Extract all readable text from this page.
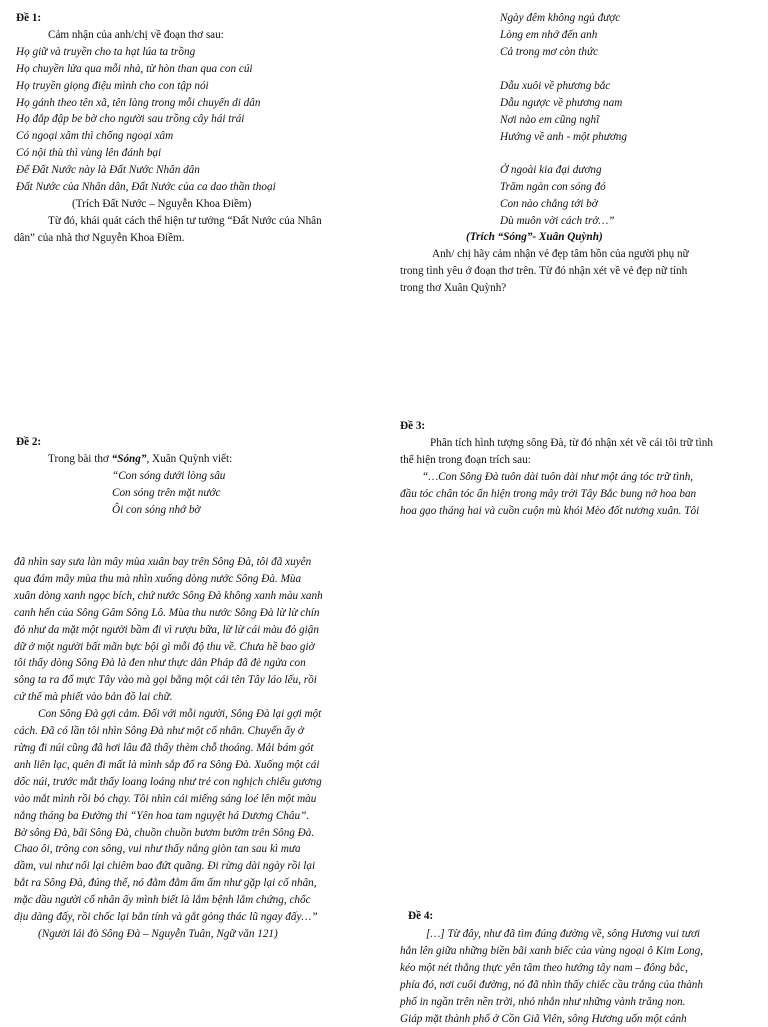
Đề 1:
Cảm nhận của anh/chị về đoạn thơ sau:
Họ giữ và truyền cho ta hạt lúa ta trồng
Họ chuyền lửa qua mỗi nhà, từ hòn than qua con cúi
Họ truyền giọng điệu mình cho con tập nói
Họ gánh theo tên xã, tên làng trong mỗi chuyến di dân
Họ đắp đập be bờ cho người sau trồng cây hái trái
Có ngoại xâm thì chống ngoại xâm
Có nội thù thì vùng lên đánh bại
Để Đất Nước này là Đất Nước Nhân dân
Đất Nước của Nhân dân, Đất Nước của ca dao thần thoại
(Trích Đất Nước – Nguyễn Khoa Điềm)
Từ đó, khái quát cách thể hiện tư tưởng “Đất Nước của Nhân
dân” của nhà thơ Nguyễn Khoa Điềm.
Ngày đêm không ngủ được
Lòng em nhớ đến anh
Cả trong mơ còn thức
Dẫu xuôi về phương bắc
Dẫu ngược về phương nam
Nơi nào em cũng nghĩ
Hướng về anh - một phương
Ở ngoài kia đại dương
Trăm ngàn con sóng đó
Con nào chẳng tới bờ
Dù muôn vời cách trở…”
(Trích “Sóng”- Xuân Quỳnh)
Anh/ chị hãy cảm nhận vẻ đẹp tâm hồn của người phụ nữ
trong tình yêu ở đoạn thơ trên. Từ đó nhận xét về vẻ đẹp nữ tính
trong thơ Xuân Quỳnh?
Đề 2:
Trong bài thơ “Sóng”, Xuân Quỳnh viết:
“Con sóng dưới lòng sâu
Con sóng trên mặt nước
Ôi con sóng nhớ bờ
Đề 3:
Phân tích hình tượng sông Đà, từ đó nhận xét về cái tôi trữ tình
thể hiện trong đoạn trích sau:
“…Con Sông Đà tuôn dài tuôn dài như một áng tóc trữ tình,
đầu tóc chân tóc ẩn hiện trong mây trời Tây Bắc bung nở hoa ban
hoa gạo tháng hai và cuồn cuộn mù khói Mèo đốt nương xuân. Tôi
đã nhìn say sưa làn mây mùa xuân bay trên Sông Đà, tôi đã xuyên
qua đám mây mùa thu mà nhìn xuống dòng nước Sông Đà. Mùa
xuân dòng xanh ngọc bích, chứ nước Sông Đà không xanh màu xanh
canh hến của Sông Gâm Sông Lô. Mùa thu nước Sông Đà lừ lừ chín
đỏ như da mặt một người bầm đi vì rượu bữa, lừ lừ cái màu đỏ giận
dữ ở một người bất mãn bực bội gì mỗi độ thu về. Chưa hề bao giờ
tôi thấy dòng Sông Đà là đen như thực dân Pháp đã đè ngửa con
sông ta ra đổ mực Tây vào mà gọi bằng một cái tên Tây láo lếu, rồi
cứ thế mà phiết vào bản đồ lai chữ.
Con Sông Đà gợi cảm. Đối với mỗi người, Sông Đà lại gợi một
cách. Đã có lần tôi nhìn Sông Đà như một cố nhân. Chuyến ấy ở
rừng đi núi cũng đã hơi lâu đã thấy thèm chỗ thoáng. Mải bám gót
anh liên lạc, quên đi mất là mình sắp đổ ra Sông Đà. Xuống một cái
dốc núi, trước mắt thấy loang loáng như trẻ con nghịch chiếu gương
vào mắt mình rồi bỏ chạy. Tôi nhìn cái miếng sáng loé lên một màu
nắng tháng ba Đường thi “Yên hoa tam nguyệt há Dương Châu”.
Bờ sông Đà, bãi Sông Đà, chuồn chuồn bươm bướm trên Sông Đà.
Chao ôi, trông con sông, vui như thấy nắng giòn tan sau kì mưa
dầm, vui như nối lại chiêm bao đứt quãng. Đi rừng dài ngày rồi lại
bắt ra Sông Đà, đúng thế, nó đằm đằm ấm ấm như gặp lại cố nhân,
mặc dầu người cố nhân ấy mình biết là lắm bệnh lắm chứng, chốc
dịu dàng đấy, rồi chốc lại bẳn tính và gắt gỏng thác lũ ngay đấy…”
(Người lái đò Sông Đà – Nguyễn Tuân, Ngữ văn 121)
Đề 4:
[…] Từ đây, như đã tìm đúng đường về, sông Hương vui tươi
hẳn lên giữa những biền bãi xanh biếc của vùng ngoại ô Kim Long,
kéo một nét thẳng thực yên tâm theo hướng tây nam – đông bắc,
phía đó, nơi cuối đường, nó đã nhìn thấy chiếc cầu trắng của thành
phố in ngần trên nền trời, nhỏ nhắn như những vành trăng non.
Giáp mặt thành phố ở Cồn Giã Viên, sông Hương uốn một cánh
